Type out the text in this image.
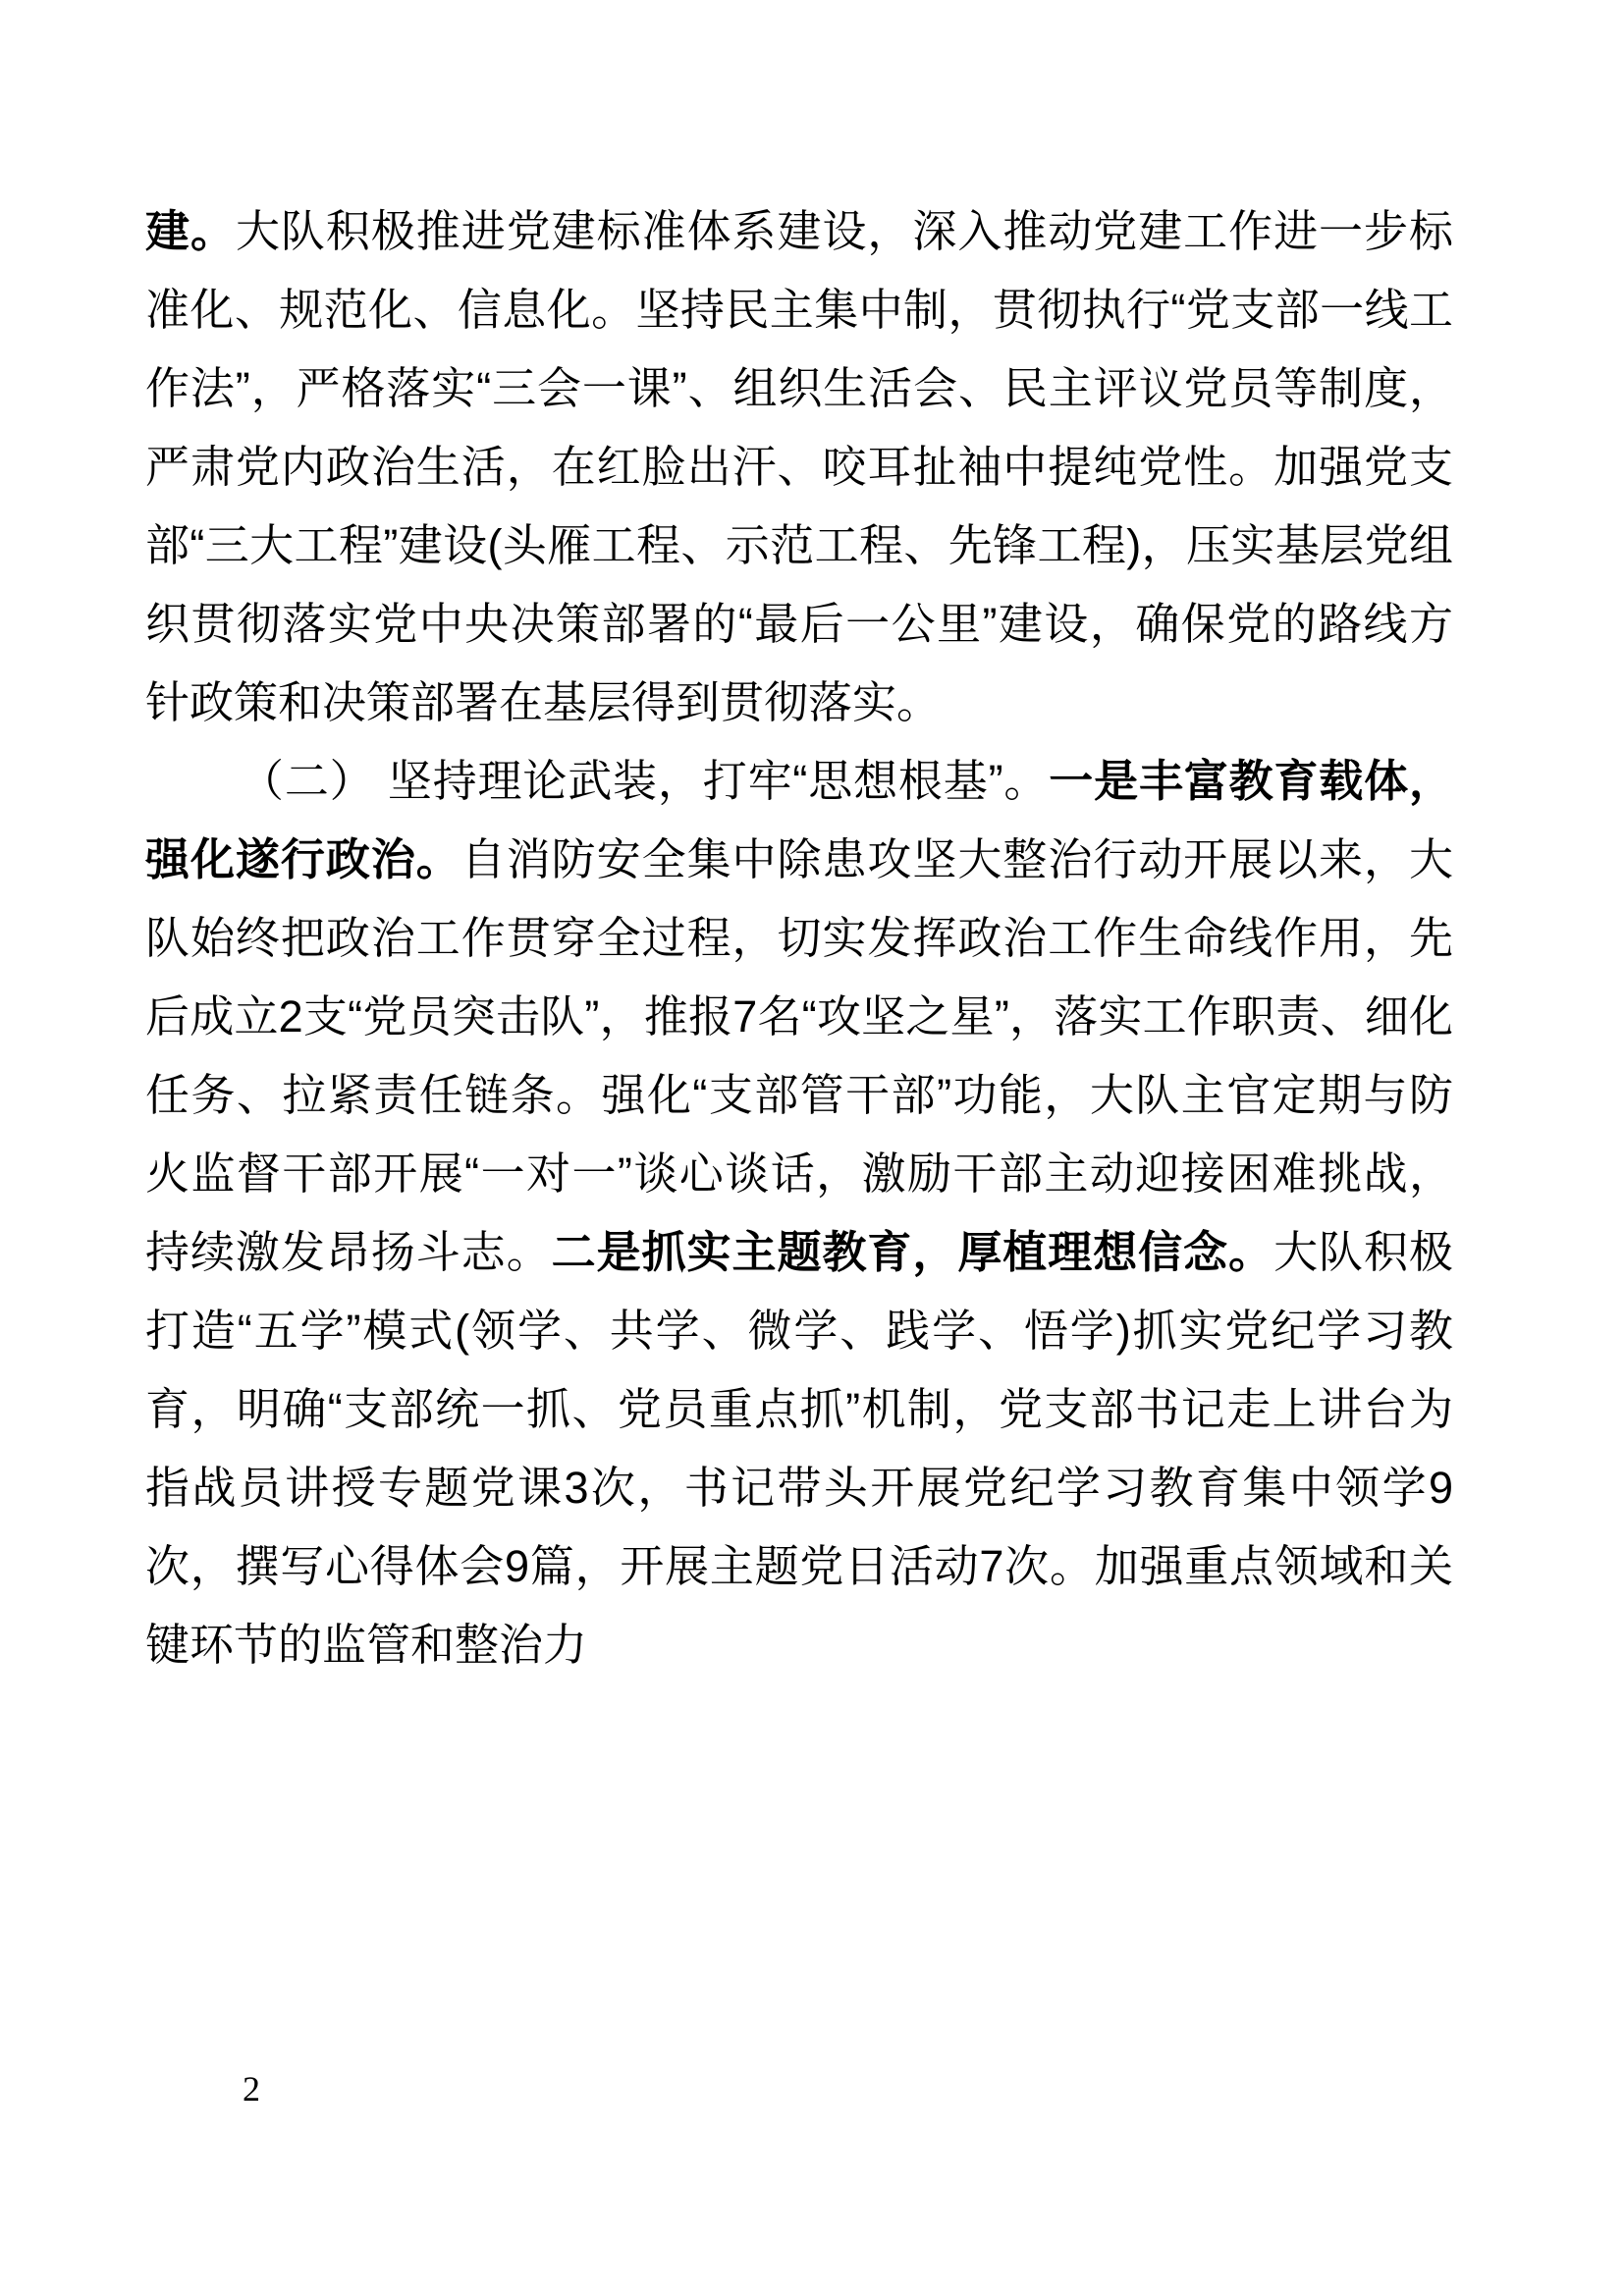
建。大队积极推进党建标准体系建设，深入推动党建工作进一步标准化、规范化、信息化。坚持民主集中制，贯彻执行“党支部一线工作法”，严格落实“三会一课”、组织生活会、民主评议党员等制度，严肃党内政治生活，在红脸出汗、咬耳扯袖中提纯党性。加强党支部“三大工程”建设(头雁工程、示范工程、先锋工程)，压实基层党组织贯彻落实党中央决策部署的“最后一公里”建设，确保党的路线方针政策和决策部署在基层得到贯彻落实。

（二） 坚持理论武装，打牢“思想根基”。一是丰富教育载体，强化遂行政治。自消防安全集中除患攻坚大整治行动开展以来，大队始终把政治工作贯穿全过程，切实发挥政治工作生命线作用，先后成立2支“党员突击队”，推报7名“攻坚之星”，落实工作职责、细化任务、拉紧责任链条。强化“支部管干部”功能，大队主官定期与防火监督干部开展“一对一”谈心谈话，激励干部主动迎接困难挑战，持续激发昂扬斗志。二是抓实主题教育，厚植理想信念。大队积极打造“五学”模式(领学、共学、微学、践学、悟学)抓实党纪学习教育，明确“支部统一抓、党员重点抓”机制，党支部书记走上讲台为指战员讲授专题党课3次，书记带头开展党纪学习教育集中领学9次，撰写心得体会9篇，开展主题党日活动7次。加强重点领域和关键环节的监管和整治力

2
